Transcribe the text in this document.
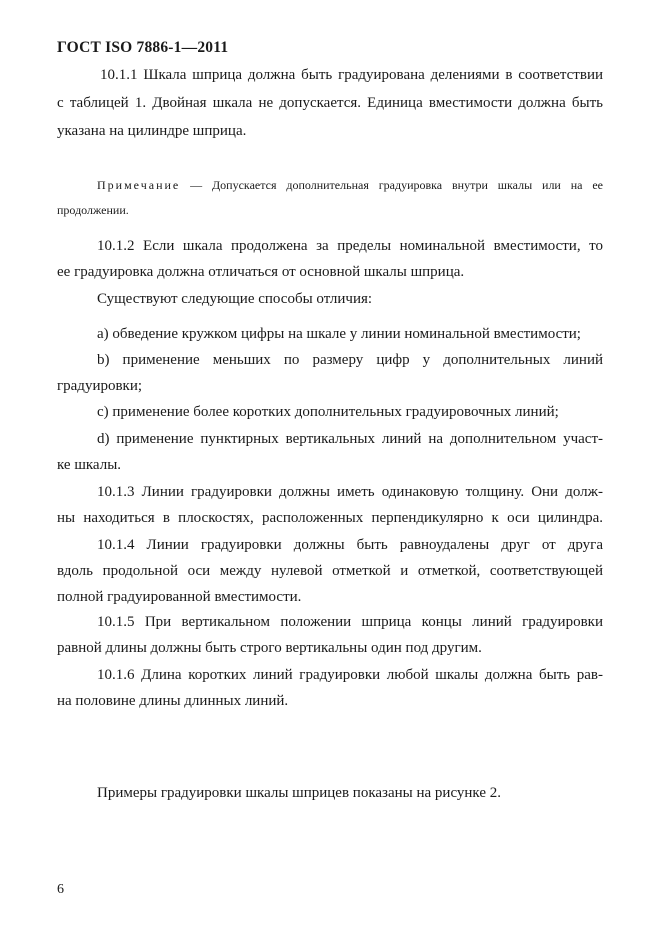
ГОСТ ISO 7886-1—2011
10.1.1 Шкала шприца должна быть градуирована делениями в соответствии
с таблицей 1. Двойная шкала не допускается. Единица вместимости должна быть
указана на цилиндре шприца.
Примечание — Допускается дополнительная градуировка внутри шкалы или на ее
продолжении.
10.1.2 Если шкала продолжена за пределы номинальной вместимости, то
ее градуировка должна отличаться от основной шкалы шприца.
Существуют следующие способы отличия:
a) обведение кружком цифры на шкале у линии номинальной вместимости;
b) применение меньших по размеру цифр у дополнительных линий
градуировки;
c) применение более коротких дополнительных градуировочных линий;
d) применение пунктирных вертикальных линий на дополнительном участ-
ке шкалы.
10.1.3 Линии градуировки должны иметь одинаковую толщину. Они долж-
ны находиться в плоскостях, расположенных перпендикулярно к оси цилиндра.
10.1.4 Линии градуировки должны быть равноудалены друг от друга
вдоль продольной оси между нулевой отметкой и отметкой, соответствующей
полной градуированной вместимости.
10.1.5 При вертикальном положении шприца концы линий градуировки
равной длины должны быть строго вертикальны один под другим.
10.1.6 Длина коротких линий градуировки любой шкалы должна быть рав-
на половине длины длинных линий.
Примеры градуировки шкалы шприцев показаны на рисунке 2.
6
